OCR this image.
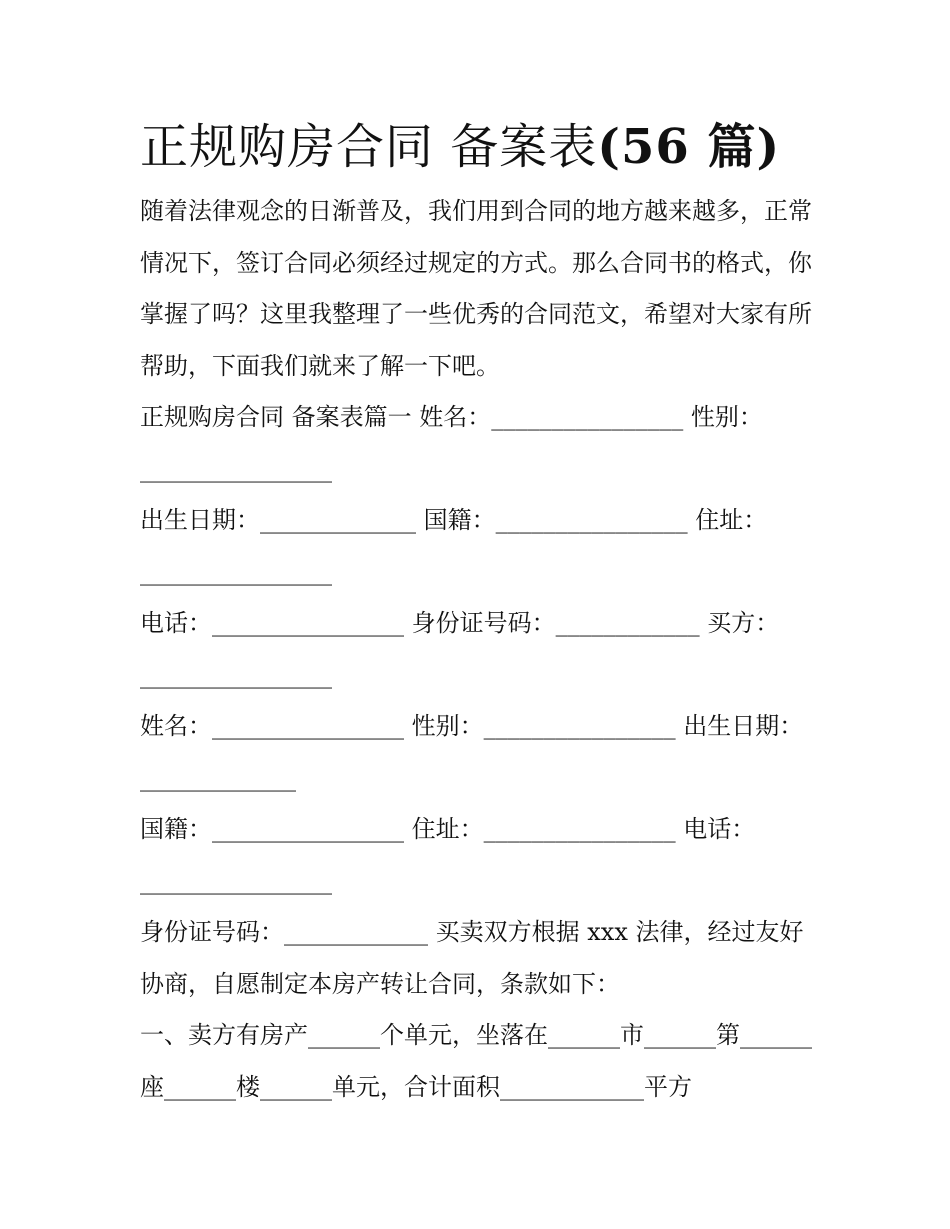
正规购房合同 备案表(56 篇)

随着法律观念的日渐普及，我们用到合同的地方越来越多，正常情况下，签订合同必须经过规定的方式。那么合同书的格式，你掌握了吗？这里我整理了一些优秀的合同范文，希望对大家有所帮助，下面我们就来了解一下吧。

正规购房合同 备案表篇一 姓名：________________ 性别：________________

出生日期：_____________ 国籍：________________ 住址：________________

电话：________________ 身份证号码：____________ 买方：________________

姓名：________________ 性别：________________ 出生日期：_____________

国籍：________________ 住址：________________ 电话：________________

身份证号码：____________ 买卖双方根据 xxx 法律，经过友好协商，自愿制定本房产转让合同，条款如下：

一、卖方有房产______个单元，坐落在______市______第______座______楼______单元，合计面积____________平方
